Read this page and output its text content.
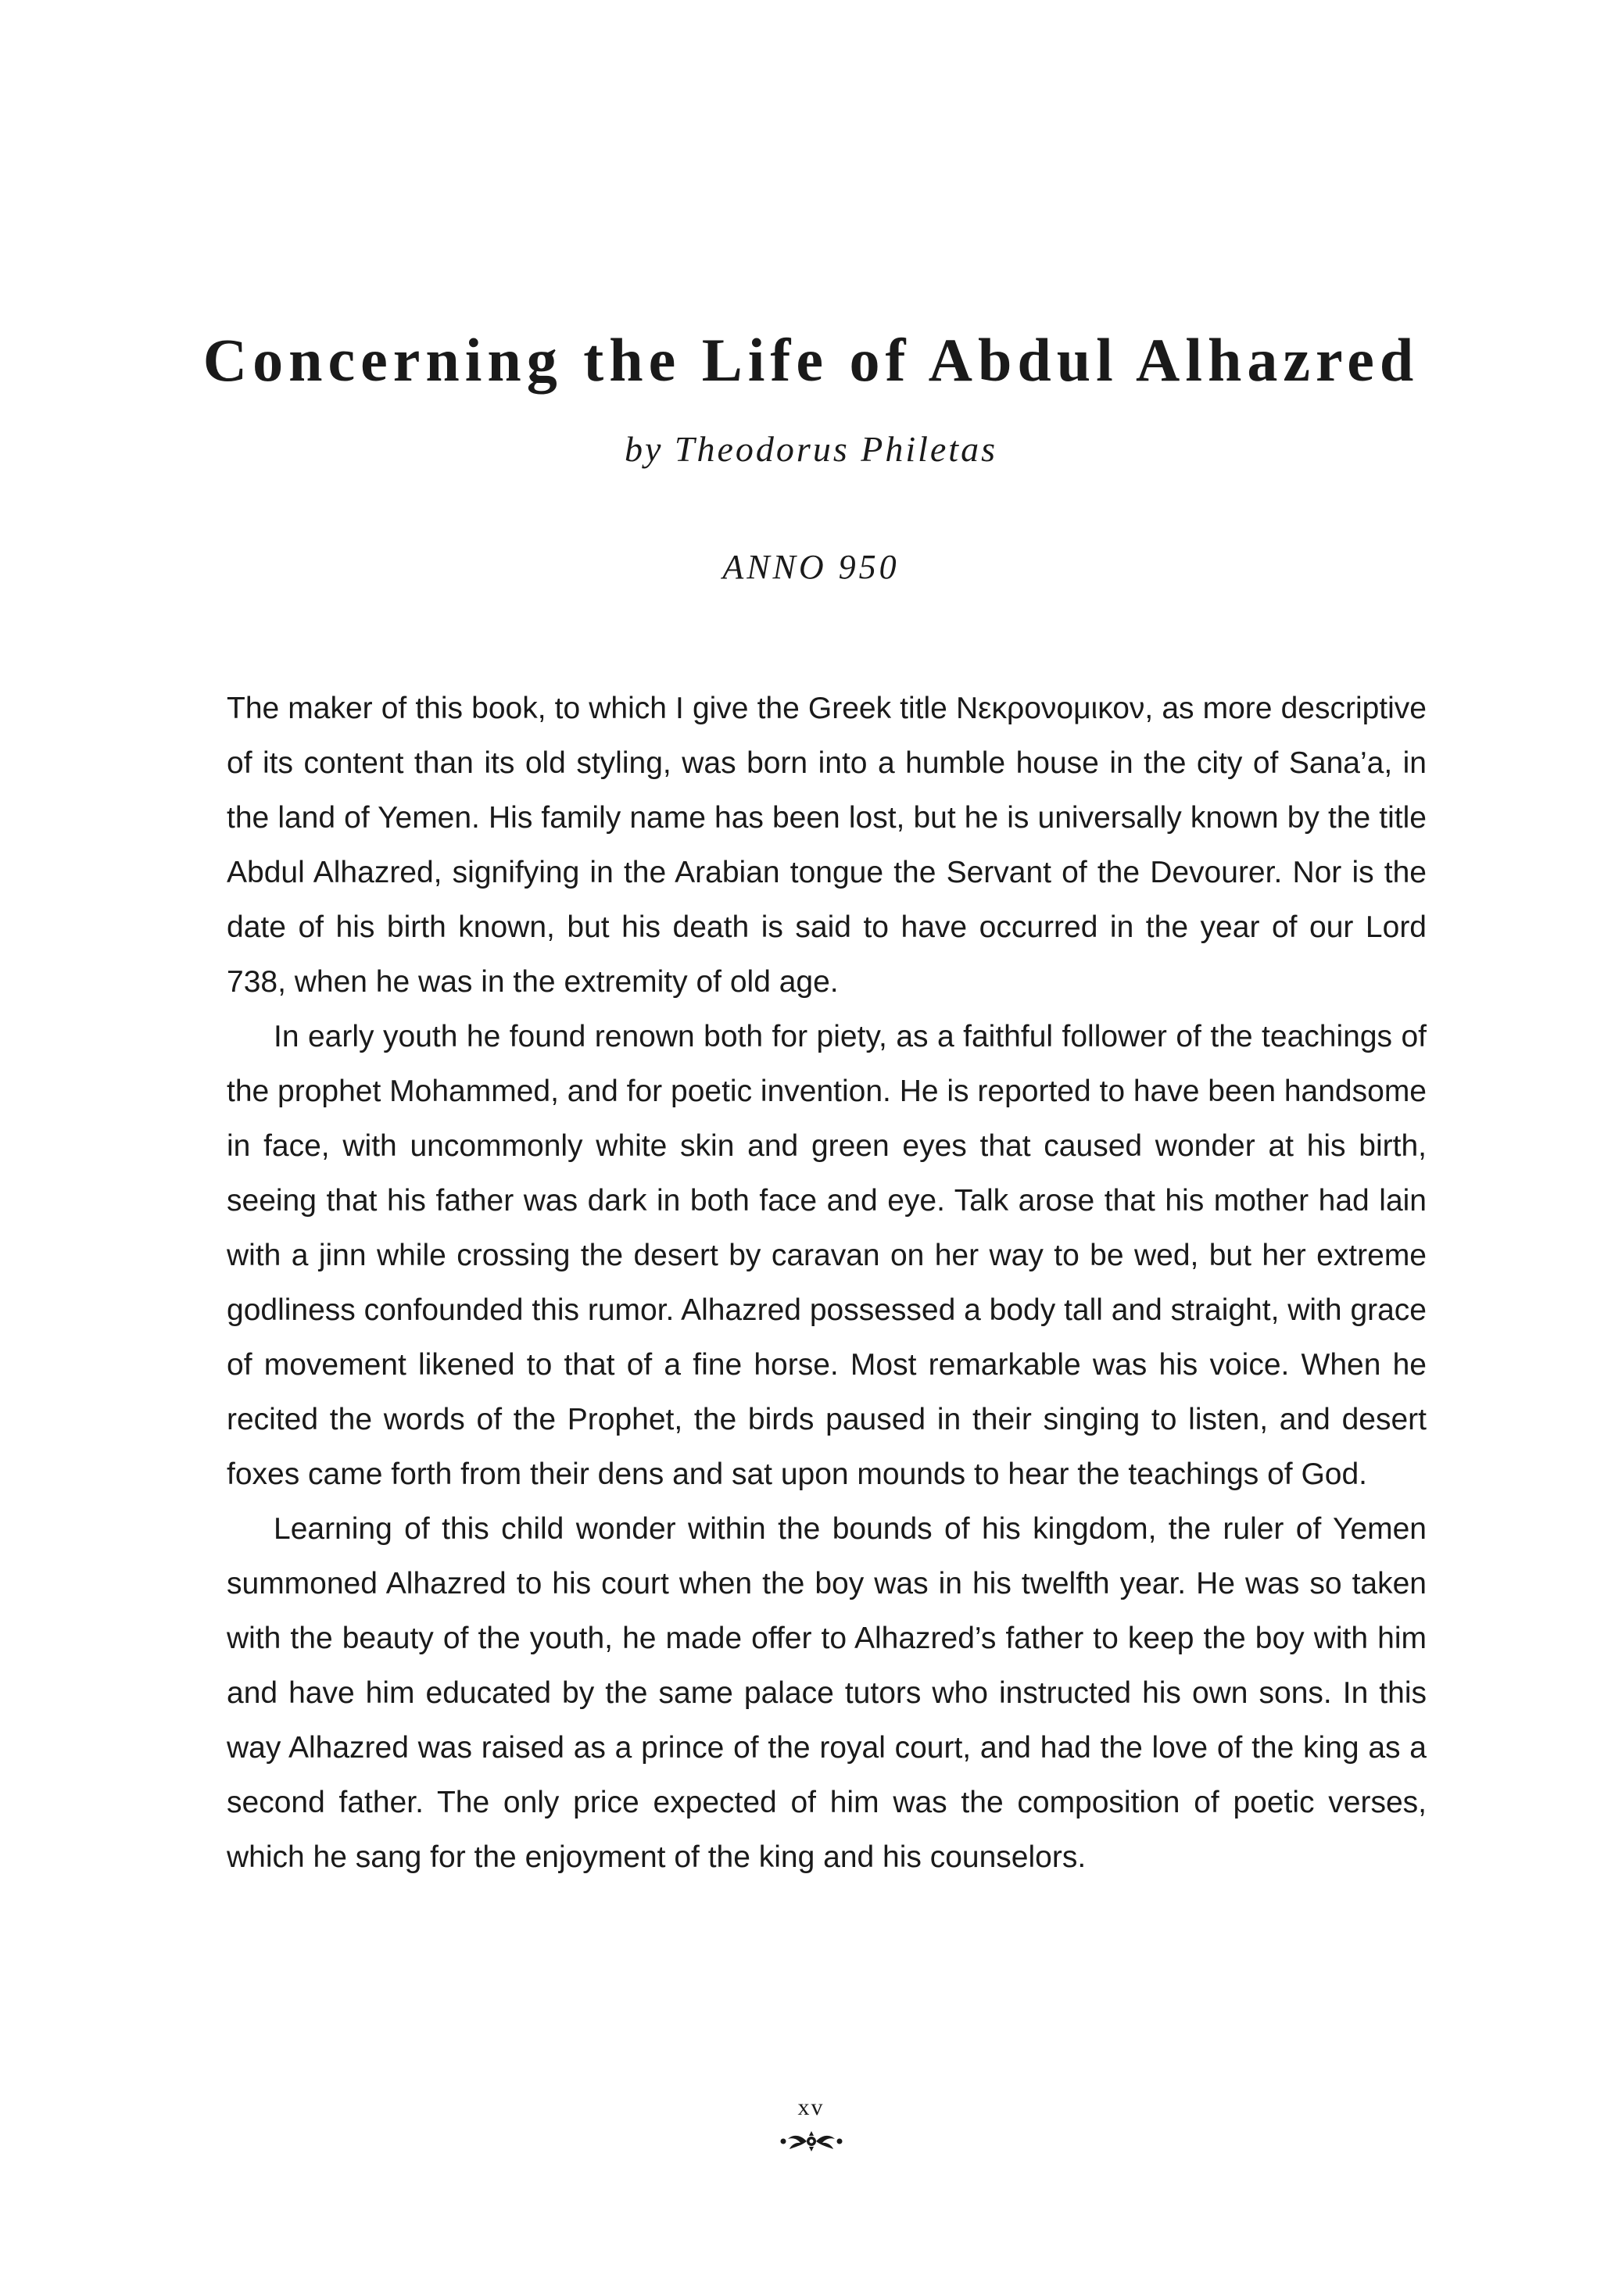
Concerning the Life of Abdul Alhazred

by Theodorus Philetas

ANNO 950

The maker of this book, to which I give the Greek title Νεκρονομικον, as more descriptive of its content than its old styling, was born into a humble house in the city of Sana’a, in the land of Yemen. His family name has been lost, but he is universally known by the title Abdul Alhazred, signifying in the Arabian tongue the Servant of the Devourer. Nor is the date of his birth known, but his death is said to have occurred in the year of our Lord 738, when he was in the extremity of old age.

In early youth he found renown both for piety, as a faithful follower of the teachings of the prophet Mohammed, and for poetic invention. He is reported to have been handsome in face, with uncommonly white skin and green eyes that caused wonder at his birth, seeing that his father was dark in both face and eye. Talk arose that his mother had lain with a jinn while crossing the desert by caravan on her way to be wed, but her extreme godliness confounded this rumor. Alhazred possessed a body tall and straight, with grace of movement likened to that of a fine horse. Most remarkable was his voice. When he recited the words of the Prophet, the birds paused in their singing to listen, and desert foxes came forth from their dens and sat upon mounds to hear the teachings of God.

Learning of this child wonder within the bounds of his kingdom, the ruler of Yemen summoned Alhazred to his court when the boy was in his twelfth year. He was so taken with the beauty of the youth, he made offer to Alhazred’s father to keep the boy with him and have him educated by the same palace tutors who instructed his own sons. In this way Alhazred was raised as a prince of the royal court, and had the love of the king as a second father. The only price expected of him was the composition of poetic verses, which he sang for the enjoyment of the king and his counselors.

xv
